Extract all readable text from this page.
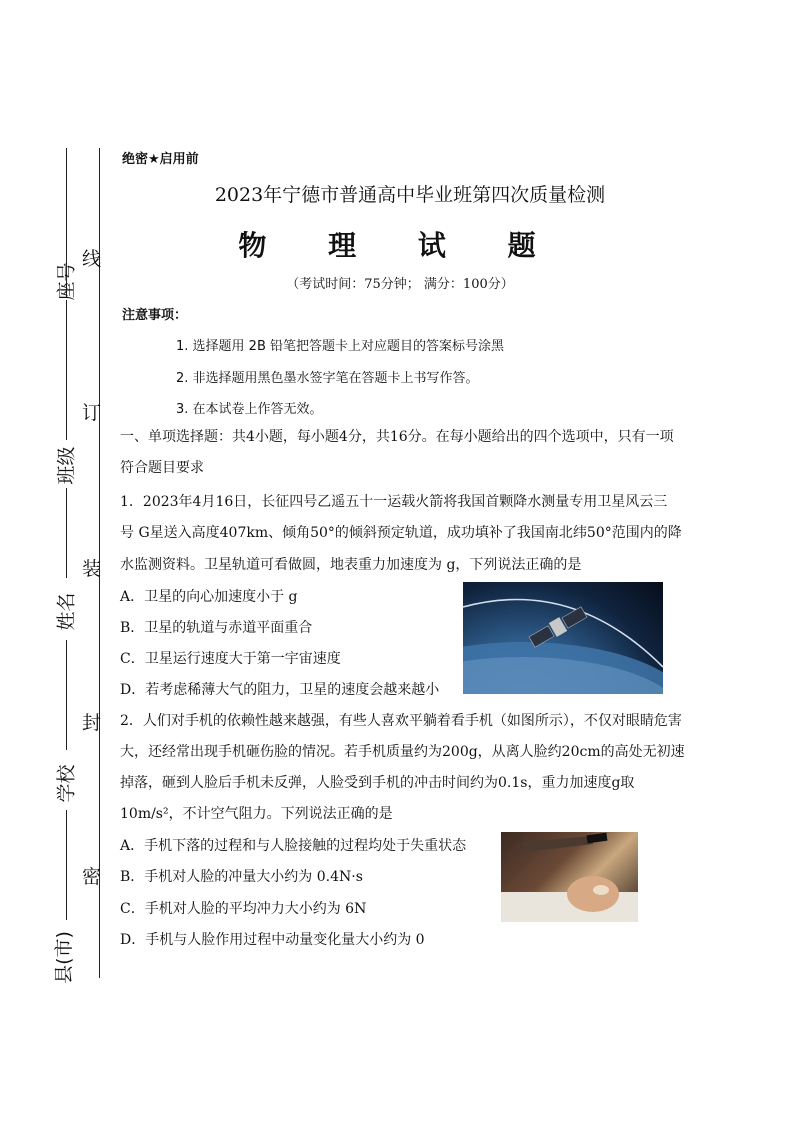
座号
班级
姓名
学校
县(市)
线
订
装
封
密
绝密★启用前
2023年宁德市普通高中毕业班第四次质量检测
物 理 试 题
（考试时间：75分钟； 满分：100分）
注意事项：
1. 选择题用 2B 铅笔把答题卡上对应题目的答案标号涂黑
2. 非选择题用黑色墨水签字笔在答题卡上书写作答。
3. 在本试卷上作答无效。
一、单项选择题：共4小题，每小题4分，共16分。在每小题给出的四个选项中，只有一项符合题目要求
1．2023年4月16日，长征四号乙遥五十一运载火箭将我国首颗降水测量专用卫星风云三
号 G星送入高度407km、倾角50°的倾斜预定轨道，成功填补了我国南北纬50°范围内的降
水监测资料。卫星轨道可看做圆，地表重力加速度为 g，下列说法正确的是
A．卫星的向心加速度小于 g
B．卫星的轨道与赤道平面重合
C．卫星运行速度大于第一宇宙速度
D．若考虑稀薄大气的阻力，卫星的速度会越来越小
2．人们对手机的依赖性越来越强，有些人喜欢平躺着看手机（如图所示），不仅对眼睛危害
大，还经常出现手机砸伤脸的情况。若手机质量约为200g，从离人脸约20cm的高处无初速
掉落，砸到人脸后手机未反弹，人脸受到手机的冲击时间约为0.1s，重力加速度g取
10m/s²，不计空气阻力。下列说法正确的是
A．手机下落的过程和与人脸接触的过程均处于失重状态
B．手机对人脸的冲量大小约为 0.4N·s
C．手机对人脸的平均冲力大小约为 6N
D．手机与人脸作用过程中动量变化量大小约为 0
